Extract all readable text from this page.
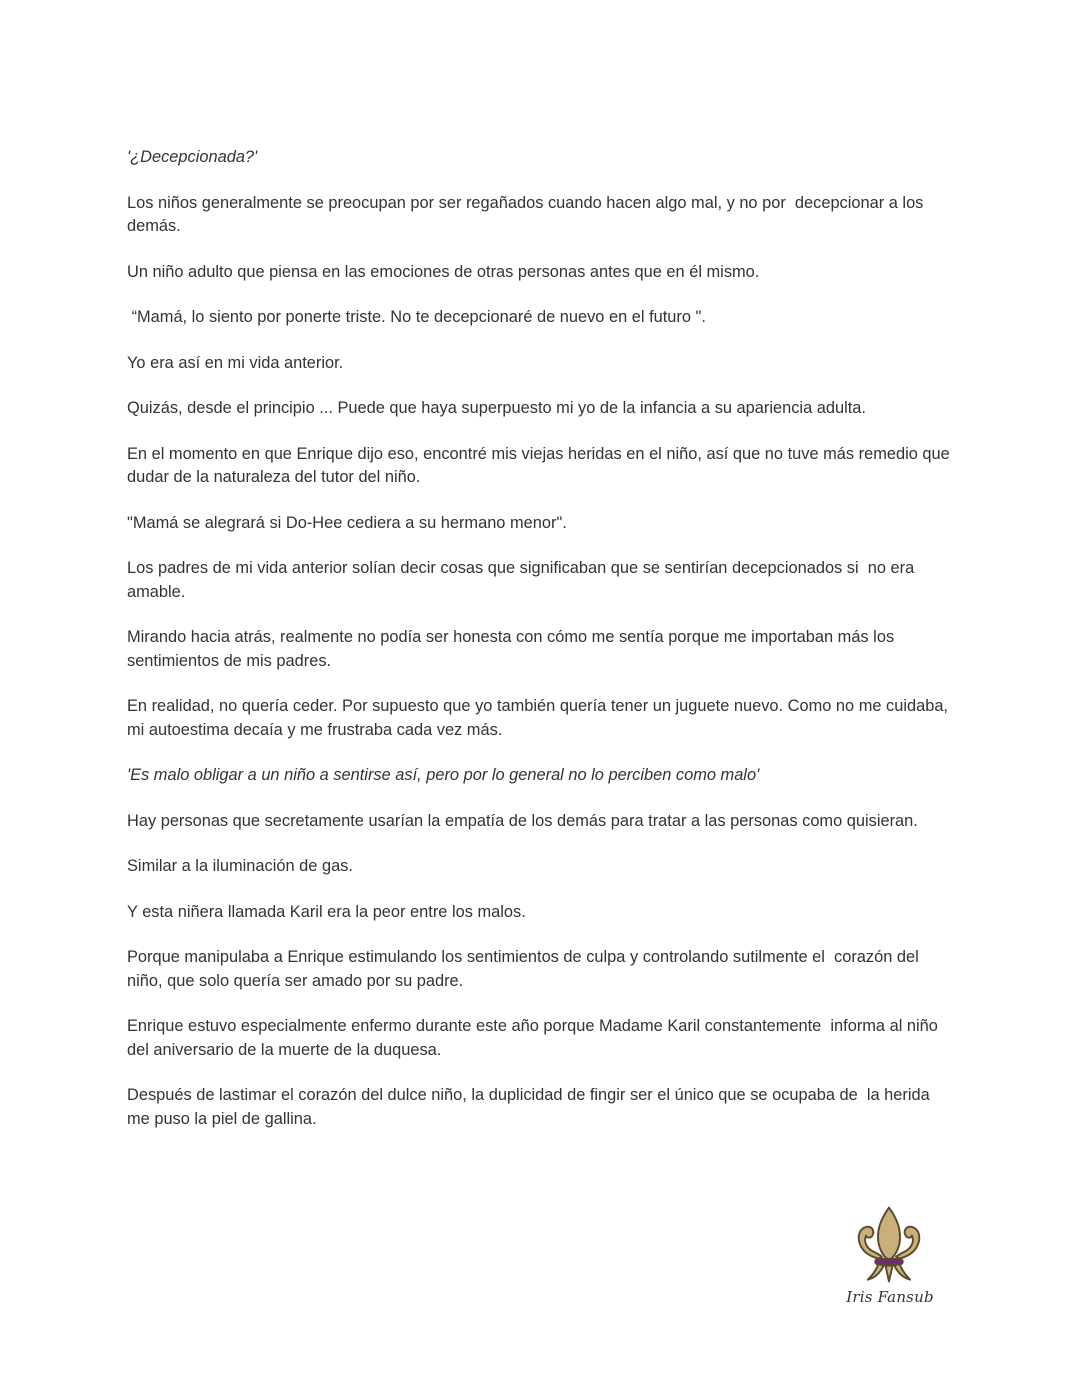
'¿Decepcionada?'

Los niños generalmente se preocupan por ser regañados cuando hacen algo mal, y no por  decepcionar a los demás.

Un niño adulto que piensa en las emociones de otras personas antes que en él mismo.

“Mamá, lo siento por ponerte triste. No te decepcionaré de nuevo en el futuro ".

Yo era así en mi vida anterior.

Quizás, desde el principio ... Puede que haya superpuesto mi yo de la infancia a su apariencia adulta.

En el momento en que Enrique dijo eso, encontré mis viejas heridas en el niño, así que no tuve más remedio que dudar de la naturaleza del tutor del niño.

"Mamá se alegrará si Do-Hee cediera a su hermano menor".

Los padres de mi vida anterior solían decir cosas que significaban que se sentirían decepcionados si  no era amable.

Mirando hacia atrás, realmente no podía ser honesta con cómo me sentía porque me importaban más los sentimientos de mis padres.

En realidad, no quería ceder. Por supuesto que yo también quería tener un juguete nuevo. Como no me cuidaba, mi autoestima decaía y me frustraba cada vez más.

'Es malo obligar a un niño a sentirse así, pero por lo general no lo perciben como malo'

Hay personas que secretamente usarían la empatía de los demás para tratar a las personas como quisieran.

Similar a la iluminación de gas.

Y esta niñera llamada Karil era la peor entre los malos.

Porque manipulaba a Enrique estimulando los sentimientos de culpa y controlando sutilmente el  corazón del niño, que solo quería ser amado por su padre.

Enrique estuvo especialmente enfermo durante este año porque Madame Karil constantemente  informa al niño del aniversario de la muerte de la duquesa.

Después de lastimar el corazón del dulce niño, la duplicidad de fingir ser el único que se ocupaba de  la herida me puso la piel de gallina.

Iris Fansub
